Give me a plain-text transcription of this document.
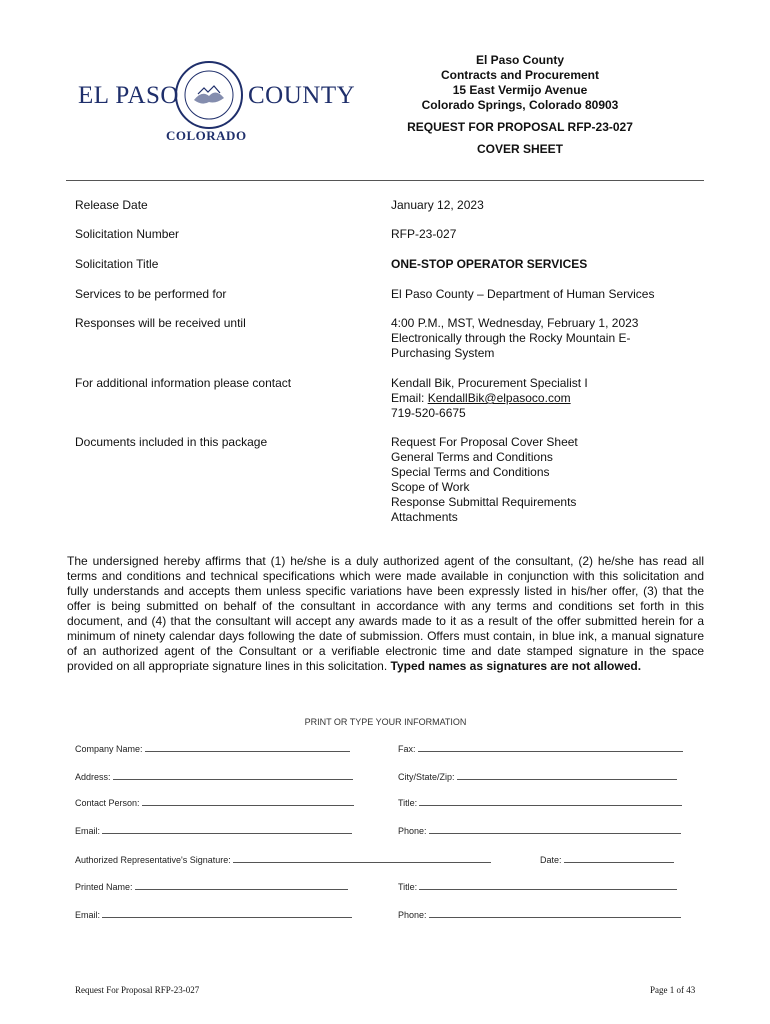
EL PASO	COUNTY
COLORADO
El Paso County
Contracts and Procurement
15 East Vermijo Avenue
Colorado Springs, Colorado 80903
REQUEST FOR PROPOSAL RFP-23-027
COVER SHEET
Release Date	January 12, 2023
Solicitation Number	RFP-23-027
Solicitation Title	ONE-STOP OPERATOR SERVICES
Services to be performed for	El Paso County – Department of Human Services
Responses will be received until	4:00 P.M., MST, Wednesday, February 1, 2023
Electronically through the Rocky Mountain E-
Purchasing System
For additional information please contact	Kendall Bik, Procurement Specialist I
Email: KendallBik@elpasoco.com
719-520-6675
Documents included in this package	Request For Proposal Cover Sheet
General Terms and Conditions
Special Terms and Conditions
Scope of Work
Response Submittal Requirements
Attachments
The undersigned hereby affirms that (1) he/she is a duly authorized agent of the consultant, (2) he/she has read all terms and conditions and technical specifications which were made available in conjunction with this solicitation and fully understands and accepts them unless specific variations have been expressly listed in his/her offer, (3) that the offer is being submitted on behalf of the consultant in accordance with any terms and conditions set forth in this document, and (4) that the consultant will accept any awards made to it as a result of the offer submitted herein for a minimum of ninety calendar days following the date of submission. Offers must contain, in blue ink, a manual signature of an authorized agent of the Consultant or a verifiable electronic time and date stamped signature in the space provided on all appropriate signature lines in this solicitation. Typed names as signatures are not allowed.
PRINT OR TYPE YOUR INFORMATION
Company Name:	Fax:
Address:	City/State/Zip:
Contact Person:	Title:
Email:	Phone:
Authorized Representative's Signature:	Date:
Printed Name:	Title:
Email:	Phone:
Request For Proposal RFP-23-027	Page 1 of 43
